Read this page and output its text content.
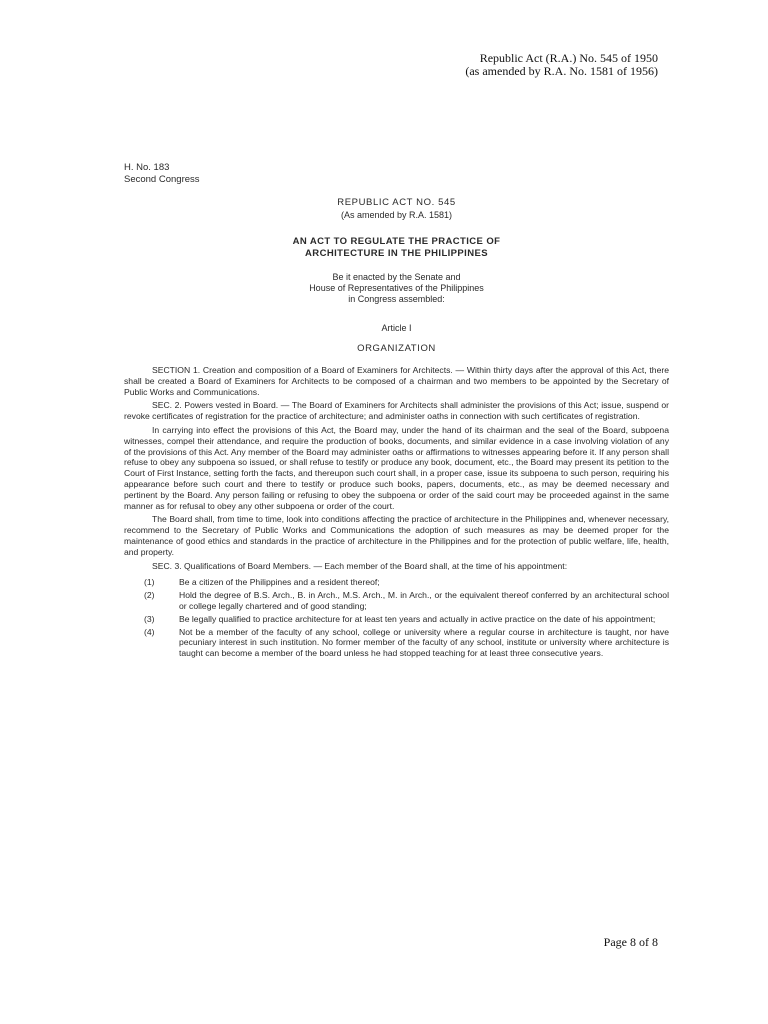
Republic Act (R.A.) No. 545 of 1950
(as amended by R.A. No. 1581 of 1956)
H. No. 183
Second Congress
REPUBLIC ACT NO. 545
(As amended by R.A. 1581)
AN ACT TO REGULATE THE PRACTICE OF
ARCHITECTURE IN THE PHILIPPINES
Be it enacted by the Senate and
House of Representatives of the Philippines
in Congress assembled:
Article I
ORGANIZATION

SECTION 1. Creation and composition of a Board of Examiners for Architects. — Within thirty days after the approval of this Act, there shall be created a Board of Examiners for Architects to be composed of a chairman and two members to be appointed by the Secretary of Public Works and Communications.

SEC. 2. Powers vested in Board. — The Board of Examiners for Architects shall administer the provisions of this Act; issue, suspend or revoke certificates of registration for the practice of architecture; and administer oaths in connection with such certificates of registration.

In carrying into effect the provisions of this Act, the Board may, under the hand of its chairman and the seal of the Board, subpoena witnesses, compel their attendance, and require the production of books, documents, and similar evidence in a case involving violation of any of the provisions of this Act. Any member of the Board may administer oaths or affirmations to witnesses appearing before it. If any person shall refuse to obey any subpoena so issued, or shall refuse to testify or produce any book, document, etc., the Board may present its petition to the Court of First Instance, setting forth the facts, and thereupon such court shall, in a proper case, issue its subpoena to such person, requiring his appearance before such court and there to testify or produce such books, papers, documents, etc., as may be deemed necessary and pertinent by the Board. Any person failing or refusing to obey the subpoena or order of the said court may be proceeded against in the same manner as for refusal to obey any other subpoena or order of the court.

The Board shall, from time to time, look into conditions affecting the practice of architecture in the Philippines and, whenever necessary, recommend to the Secretary of Public Works and Communications the adoption of such measures as may be deemed proper for the maintenance of good ethics and standards in the practice of architecture in the Philippines and for the protection of public welfare, life, health, and property.

SEC. 3. Qualifications of Board Members. — Each member of the Board shall, at the time of his appointment:

(1)	Be a citizen of the Philippines and a resident thereof;
(2)	Hold the degree of B.S. Arch., B. in Arch., M.S. Arch., M. in Arch., or the equivalent thereof conferred by an architectural school or college legally chartered and of good standing;
(3)	Be legally qualified to practice architecture for at least ten years and actually in active practice on the date of his appointment;
(4)	Not be a member of the faculty of any school, college or university where a regular course in architecture is taught, nor have pecuniary interest in such institution. No former member of the faculty of any school, institute or university where architecture is taught can become a member of the board unless he had stopped teaching for at least three consecutive years.
Page 8 of 8
